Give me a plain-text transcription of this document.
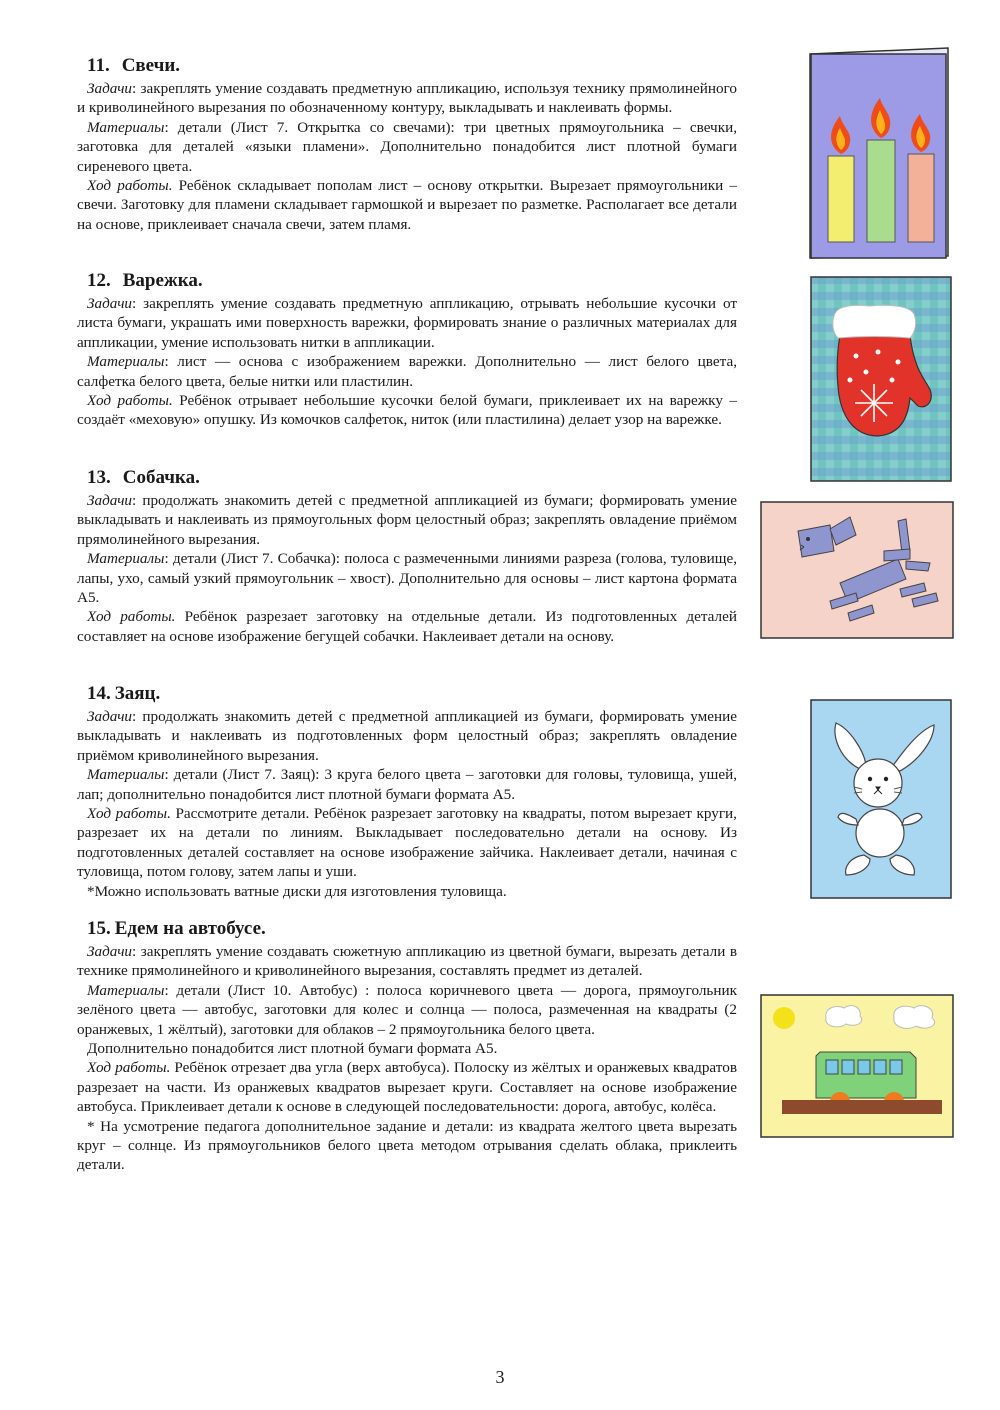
11. Свечи.

Задачи: закреплять умение создавать предметную аппликацию, используя технику прямолинейного и криволинейного вырезания по обозначенному контуру, выкладывать и наклеивать формы.

Материалы: детали (Лист 7. Открытка со свечами): три цветных прямоугольника – свечки, заготовка для деталей «языки пламени». Дополнительно понадобится лист плотной бумаги сиреневого цвета.

Ход работы. Ребёнок складывает пополам лист – основу открытки. Вырезает прямоугольники – свечи. Заготовку для пламени складывает гармошкой и вырезает по разметке. Располагает все детали на основе, приклеивает сначала свечи, затем пламя.

12. Варежка.

Задачи: закреплять умение создавать предметную аппликацию, отрывать небольшие кусочки от листа бумаги, украшать ими поверхность варежки, формировать знание о различных материалах для аппликации, умение использовать нитки в аппликации.

Материалы: лист — основа с изображением варежки. Дополнительно — лист белого цвета, салфетка белого цвета, белые нитки или пластилин.

Ход работы. Ребёнок отрывает небольшие кусочки белой бумаги, приклеивает их на варежку – создаёт «меховую» опушку. Из комочков салфеток, ниток (или пластилина) делает узор на варежке.

13. Собачка.

Задачи: продолжать знакомить детей с предметной аппликацией из бумаги; формировать умение выкладывать и наклеивать из прямоугольных форм целостный образ; закреплять овладение приёмом прямолинейного вырезания.

Материалы: детали (Лист 7. Собачка): полоса с размеченными линиями разреза (голова, туловище, лапы, ухо, самый узкий прямоугольник – хвост). Дополнительно для основы – лист картона формата А5.

Ход работы. Ребёнок разрезает заготовку на отдельные детали. Из подготовленных деталей составляет на основе изображение бегущей собачки. Наклеивает детали на основу.

14. Заяц.

Задачи: продолжать знакомить детей с предметной аппликацией из бумаги, формировать умение выкладывать и наклеивать из подготовленных форм целостный образ; закреплять овладение приёмом криволинейного вырезания.

Материалы: детали (Лист 7. Заяц): 3 круга белого цвета – заготовки для головы, туловища, ушей, лап; дополнительно понадобится лист плотной бумаги формата А5.

Ход работы. Рассмотрите детали. Ребёнок разрезает заготовку на квадраты, потом вырезает круги, разрезает их на детали по линиям. Выкладывает последовательно детали на основу. Из подготовленных деталей составляет на основе изображение зайчика. Наклеивает детали, начиная с туловища, потом голову, затем лапы и уши.

*Можно использовать ватные диски для изготовления туловища.

15. Едем на автобусе.

Задачи: закреплять умение создавать сюжетную аппликацию из цветной бумаги, вырезать детали в технике прямолинейного и криволинейного вырезания, составлять предмет из деталей.

Материалы: детали (Лист 10. Автобус) : полоса коричневого цвета — дорога, прямоугольник зелёного цвета — автобус, заготовки для колес и солнца — полоса, размеченная на квадраты (2 оранжевых, 1 жёлтый), заготовки для облаков – 2 прямоугольника белого цвета.

Дополнительно понадобится лист плотной бумаги формата А5.

Ход работы. Ребёнок отрезает два угла (верх автобуса). Полоску из жёлтых и оранжевых квадратов разрезает на части. Из оранжевых квадратов вырезает круги. Составляет на основе изображение автобуса. Приклеивает детали к основе в следующей последовательности: дорога, автобус, колёса.

* На усмотрение педагога дополнительное задание и детали: из квадрата желтого цвета вырезать круг – солнце. Из прямоугольников белого цвета методом отрывания сделать облака, приклеить детали.

3
